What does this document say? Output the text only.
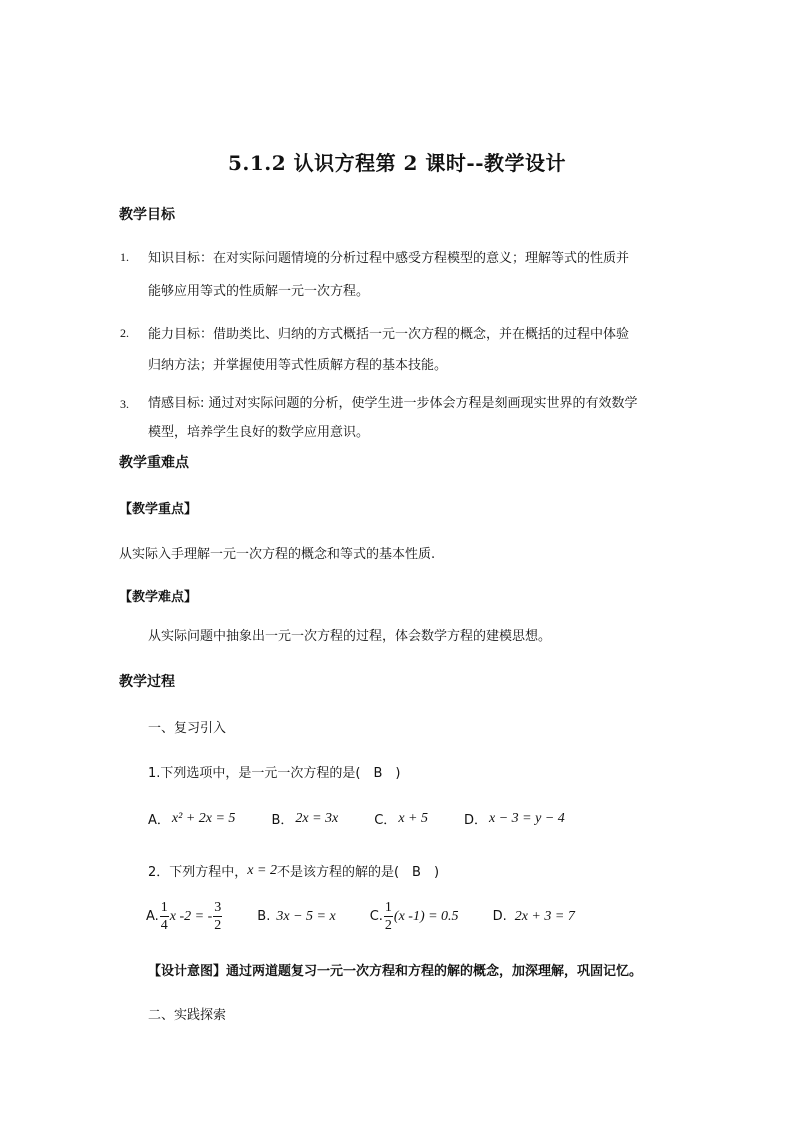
5.1.2 认识方程第 2 课时--教学设计
教学目标
1. 知识目标：在对实际问题情境的分析过程中感受方程模型的意义；理解等式的性质并
能够应用等式的性质解一元一次方程。
2. 能力目标：借助类比、归纳的方式概括一元一次方程的概念，并在概括的过程中体验
归纳方法；并掌握使用等式性质解方程的基本技能。
3. 情感目标: 通过对实际问题的分析，使学生进一步体会方程是刻画现实世界的有效数学
模型，培养学生良好的数学应用意识。
教学重难点
【教学重点】
从实际入手理解一元一次方程的概念和等式的基本性质.
【教学难点】
从实际问题中抽象出一元一次方程的过程，体会数学方程的建模思想。
教学过程
一、复习引入
1.下列选项中，是一元一次方程的是(　B　)
A． x² + 2x = 5	B． 2x = 3x	C． x + 5	D． x − 3 = y − 4
2．下列方程中， x = 2 不是该方程的解的是(　B　)
A. $\frac{1}{4}$ x -2 = - $\frac{3}{2}$	B. 3x − 5 = x	C. $\frac{1}{2} (x$ -1) = 0.5	D. 2x + 3 = 7
【设计意图】通过两道题复习一元一次方程和方程的解的概念，加深理解，巩固记忆。
二、实践探索
